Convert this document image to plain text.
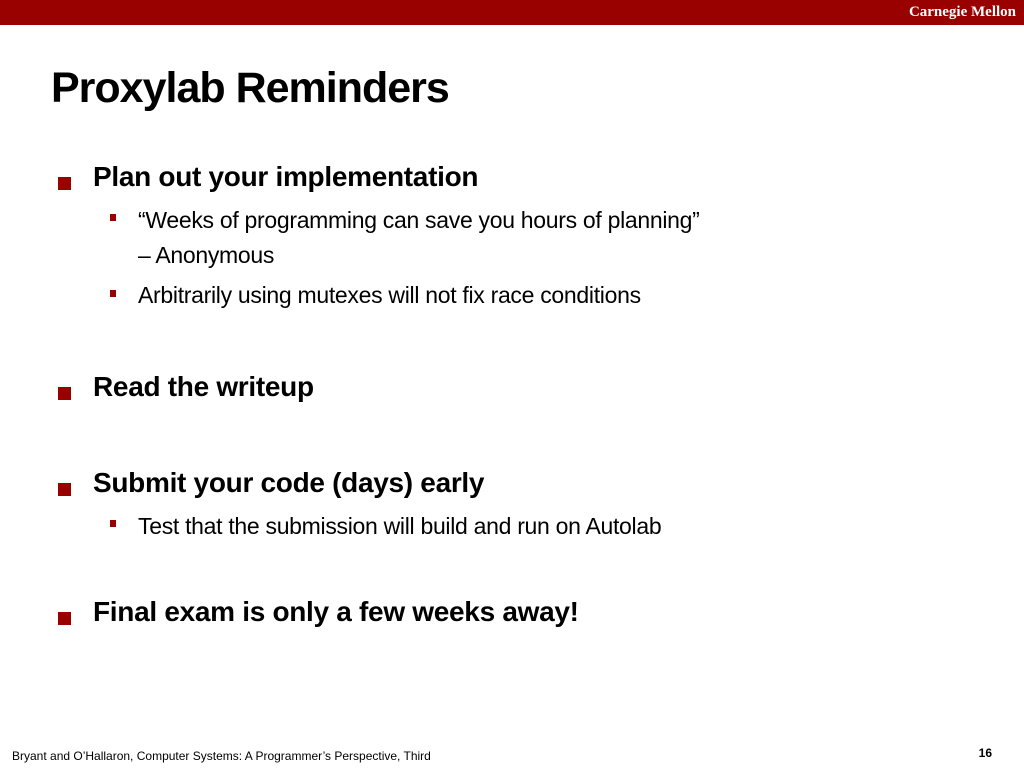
Carnegie Mellon
Proxylab Reminders
Plan out your implementation
“Weeks of programming can save you hours of planning”
– Anonymous
Arbitrarily using mutexes will not fix race conditions
Read the writeup
Submit your code (days) early
Test that the submission will build and run on Autolab
Final exam is only a few weeks away!
Bryant and O’Hallaron, Computer Systems: A Programmer’s Perspective, Third	16
